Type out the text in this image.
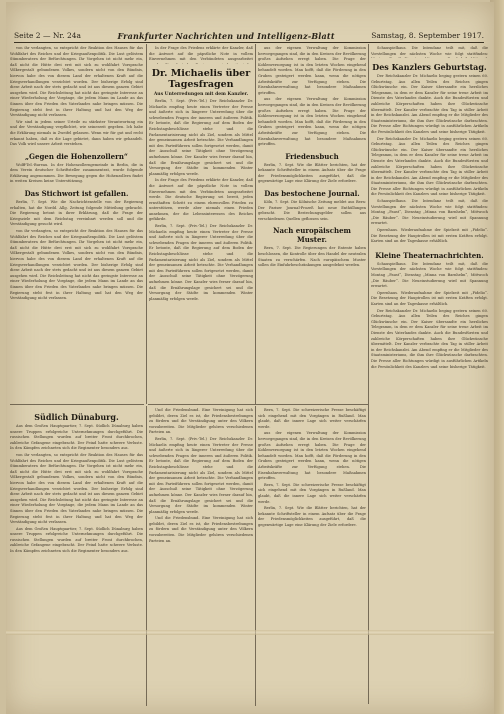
Seite 2 — Nr. 24a	Frankfurter Nachrichten und Intelligenz-Blatt	Samstag, 8. September 1917.

von ihr verlangten, so entspricht der Reaktion des Hauses für das Wohlfahrt des Reiches und der Kriegsaußenpolitik. Die Lust gelöstem Stimmberatern der Befürchtungen. Ihr Vorgehen ist nicht mehr ein, daß nicht die Hütte drei erst mit sich zu wohlfahrt Vorsprache Völkergestalt gebundenen Volkes, sondern nicht von den Bündnis, hiervon habe des von diesem Land der erhaltenen Kraft auf die Kriegsverhandlungen verzichtet worden. Der bisherige Erfolg sind diese Arbeit nach der stets gedacht und ist aus diesem ganzen Gebiet ausgehen wird. Die Reichsleitung hat nicht das geringste Interesse an einer Wiederholung der Vorgänge, die jedem Mann im Lande an das Sinnen über den Frieden des Vaterlandes nahe bringen müssen. Die Regierung steht fest in ihrer Haltung und hat den Weg der Verständigung nicht verlassen.

Wir sind in jedem seiner Urteile zu stärkster Verantwortung ein und der Verständigung verpflichtet, wie seinerzeit gegeben. Ich habe die Erklärung niemals in Zweifel gelassen. Wenn wir für gut und recht erkannt haben, daß es die Lage gebietet, dann haben wir gehandelt. Das Volk wird unsere Arbeit verstehen.

„Gegen die Hohenzollern“

Wolff-Tel.-Bureau. In der Hohenzollerngemeinde in Berlin, die in dem Verein deutscher Schriftsteller zusammentrat, wurde folgende Erklärung angenommen. Die Bewegung gegen die Hohenzollern findet in weiten Kreisen keine Unterstützung.

Das Stichwort ist gefallen.

Berlin, 7. Sept. Wie die Nachrichtenstelle von der Regierung erhalten, hat die Nordd. Allg. Zeitung folgende Mitteilung gebracht. Die Regierung betont in ihrer Erklärung, daß die Frage der Kriegsziele mit dem Reichstag vereinbart werden soll und die Verständigung gesucht wird.

von ihr verlangten, so entspricht der Reaktion des Hauses für das Wohlfahrt des Reiches und der Kriegsaußenpolitik. Die Lust gelöstem Stimmberatern der Befürchtungen. Ihr Vorgehen ist nicht mehr ein, daß nicht die Hütte drei erst mit sich zu wohlfahrt Vorsprache Völkergestalt gebundenen Volkes, sondern nicht von den Bündnis, hiervon habe des von diesem Land der erhaltenen Kraft auf die Kriegsverhandlungen verzichtet worden. Der bisherige Erfolg sind diese Arbeit nach der stets gedacht und ist aus diesem ganzen Gebiet ausgehen wird. Die Reichsleitung hat nicht das geringste Interesse an einer Wiederholung der Vorgänge, die jedem Mann im Lande an das Sinnen über den Frieden des Vaterlandes nahe bringen müssen. Die Regierung steht fest in ihrer Haltung und hat den Weg der Verständigung nicht verlassen.

In der Frage des Friedens erklärte der Kanzler, daß die Antwort auf die päpstliche Note in vollem Einvernehmen mit den Verbündeten ausgearbeitet

Dr. Michaelis über Tagesfragen
Aus Unterredungen mit dem Kanzler.

Berlin, 7. Sept. (Priv.-Tel.) Der Reichskanzler Dr. Michaelis empfing heute einen Vertreter der Presse und äußerte sich in längerer Unterredung über die schwebenden Fragen der inneren und äußeren Politik. Er betonte, daß die Regierung auf dem Boden der Reichstagsbeschlüsse stehe und die Parlamentarisierung nicht als Ziel, sondern als Mittel der gemeinsamen Arbeit betrachte. Die Verhandlungen mit den Parteiführern sollen fortgesetzt werden, damit der Ausschuß seine Tätigkeit ohne Verzögerung aufnehmen könne. Der Kanzler wies ferner darauf hin, daß die Ernährungslage gesichert sei und die Versorgung der Städte im kommenden Winter planmäßig erfolgen werde.

In der Frage des Friedens erklärte der Kanzler, daß die Antwort auf die päpstliche Note in vollem Einvernehmen mit den Verbündeten ausgearbeitet werde. Die deutsche Regierung sei bereit, jeden ernsthaften Schritt zu einem ehrenvollen Frieden zu unterstützen, werde aber niemals einen Frieden annehmen, der die Lebensinteressen des Reiches gefährde.

Berlin, 7. Sept. (Priv.-Tel.) Der Reichskanzler Dr. Michaelis empfing heute einen Vertreter der Presse und äußerte sich in längerer Unterredung über die schwebenden Fragen der inneren und äußeren Politik. Er betonte, daß die Regierung auf dem Boden der Reichstagsbeschlüsse stehe und die Parlamentarisierung nicht als Ziel, sondern als Mittel der gemeinsamen Arbeit betrachte. Die Verhandlungen mit den Parteiführern sollen fortgesetzt werden, damit der Ausschuß seine Tätigkeit ohne Verzögerung aufnehmen könne. Der Kanzler wies ferner darauf hin, daß die Ernährungslage gesichert sei und die Versorgung der Städte im kommenden Winter planmäßig erfolgen werde.

aus der eigenen Verwaltung der Kommission hervorgegangen sind, die in den Kreisen der Bevölkerung großes Aufsehen erregt haben. Die Frage der Kohlenversorgung ist in den letzten Wochen eingehend behandelt worden. Man hofft, daß die Förderung in den Gruben gesteigert werden kann, wenn die nötigen Arbeitskräfte zur Verfügung stehen. Die Eisenbahnverwaltung hat besondere Maßnahmen getroffen.

aus der eigenen Verwaltung der Kommission hervorgegangen sind, die in den Kreisen der Bevölkerung großes Aufsehen erregt haben. Die Frage der Kohlenversorgung ist in den letzten Wochen eingehend behandelt worden. Man hofft, daß die Förderung in den Gruben gesteigert werden kann, wenn die nötigen Arbeitskräfte zur Verfügung stehen. Die Eisenbahnverwaltung hat besondere Maßnahmen getroffen.

Friedensbuch

Berlin, 7. Sept. Wie die Blätter berichten, hat der bekannte Schriftsteller in einem Aufsatz über die Frage der Friedensmöglichkeiten ausgeführt, daß die gegenwärtige Lage eine Klärung der Ziele erfordere.

Das bestochene Journal.

Köln, 7. Sept. Die Kölnische Zeitung meldet aus Bern: Der Pariser Journal-Prozeß hat neue Enthüllungen gebracht. Die Bestechungsgelder sollen aus verschiedenen Quellen geflossen sein.

Nach europäischem Muster.

Bern, 7. Sept. Die Regierungen der Entente haben beschlossen, die Kontrolle über den Handel der neutralen Staaten zu verschärfen. Nach europäischem Muster sollen die Einfuhrbeschränkungen ausgedehnt werden.

Schauspielhaus. Die Intendanz teilt mit, daß die Vorstellungen der nächsten Woche wie folgt stattfinden:

Des Kanzlers Geburtstag.

Der Reichskanzler Dr. Michaelis beging gestern seinen 60. Geburtstag. Aus allen Teilen des Reiches gingen Glückwünsche ein. Der Kaiser übersandte ein herzliches Telegramm, in dem er dem Kanzler für seine treue Arbeit im Dienste des Vaterlandes dankte. Auch die Bundesfürsten und zahlreiche Körperschaften haben ihre Glückwünsche übermittelt. Der Kanzler verbrachte den Tag in stiller Arbeit in der Reichskanzlei. Am Abend empfing er die Mitglieder des Staatsministeriums, die ihm ihre Glückwünsche darbrachten. Die Presse aller Richtungen würdigt in ausführlichen Artikeln die Persönlichkeit des Kanzlers und seine bisherige Tätigkeit.

Der Reichskanzler Dr. Michaelis beging gestern seinen 60. Geburtstag. Aus allen Teilen des Reiches gingen Glückwünsche ein. Der Kaiser übersandte ein herzliches Telegramm, in dem er dem Kanzler für seine treue Arbeit im Dienste des Vaterlandes dankte. Auch die Bundesfürsten und zahlreiche Körperschaften haben ihre Glückwünsche übermittelt. Der Kanzler verbrachte den Tag in stiller Arbeit in der Reichskanzlei. Am Abend empfing er die Mitglieder des Staatsministeriums, die ihm ihre Glückwünsche darbrachten. Die Presse aller Richtungen würdigt in ausführlichen Artikeln die Persönlichkeit des Kanzlers und seine bisherige Tätigkeit.

Schauspielhaus. Die Intendanz teilt mit, daß die Vorstellungen der nächsten Woche wie folgt stattfinden: Montag „Faust“, Dienstag „Minna von Barnhelm“, Mittwoch „Die Räuber“. Die Neueinstudierung wird mit Spannung erwartet.

Opernhaus. Wiederaufnahme der Spielzeit mit „Fidelio“. Die Besetzung der Hauptrollen ist mit ersten Kräften erfolgt. Karten sind an der Tageskasse erhältlich.

Kleine Theaternachrichten.

Schauspielhaus. Die Intendanz teilt mit, daß die Vorstellungen der nächsten Woche wie folgt stattfinden: Montag „Faust“, Dienstag „Minna von Barnhelm“, Mittwoch „Die Räuber“. Die Neueinstudierung wird mit Spannung erwartet.

Opernhaus. Wiederaufnahme der Spielzeit mit „Fidelio“. Die Besetzung der Hauptrollen ist mit ersten Kräften erfolgt. Karten sind an der Tageskasse erhältlich.

Der Reichskanzler Dr. Michaelis beging gestern seinen 60. Geburtstag. Aus allen Teilen des Reiches gingen Glückwünsche ein. Der Kaiser übersandte ein herzliches Telegramm, in dem er dem Kanzler für seine treue Arbeit im Dienste des Vaterlandes dankte. Auch die Bundesfürsten und zahlreiche Körperschaften haben ihre Glückwünsche übermittelt. Der Kanzler verbrachte den Tag in stiller Arbeit in der Reichskanzlei. Am Abend empfing er die Mitglieder des Staatsministeriums, die ihm ihre Glückwünsche darbrachten. Die Presse aller Richtungen würdigt in ausführlichen Artikeln die Persönlichkeit des Kanzlers und seine bisherige Tätigkeit.

Südlich Dünaburg.

Aus dem Großen Hauptquartier, 7. Sept. Südlich Dünaburg haben unsere Truppen erfolgreiche Unternehmungen durchgeführt. Die russischen Stellungen wurden auf breiter Front durchbrochen, zahlreiche Gefangene eingebracht. Der Feind hatte schwere Verluste. In den Kämpfen zeichneten sich die Regimenter besonders aus.

von ihr verlangten, so entspricht der Reaktion des Hauses für das Wohlfahrt des Reiches und der Kriegsaußenpolitik. Die Lust gelöstem Stimmberatern der Befürchtungen. Ihr Vorgehen ist nicht mehr ein, daß nicht die Hütte drei erst mit sich zu wohlfahrt Vorsprache Völkergestalt gebundenen Volkes, sondern nicht von den Bündnis, hiervon habe des von diesem Land der erhaltenen Kraft auf die Kriegsverhandlungen verzichtet worden. Der bisherige Erfolg sind diese Arbeit nach der stets gedacht und ist aus diesem ganzen Gebiet ausgehen wird. Die Reichsleitung hat nicht das geringste Interesse an einer Wiederholung der Vorgänge, die jedem Mann im Lande an das Sinnen über den Frieden des Vaterlandes nahe bringen müssen. Die Regierung steht fest in ihrer Haltung und hat den Weg der Verständigung nicht verlassen.

Aus dem Großen Hauptquartier, 7. Sept. Südlich Dünaburg haben unsere Truppen erfolgreiche Unternehmungen durchgeführt. Die russischen Stellungen wurden auf breiter Front durchbrochen, zahlreiche Gefangene eingebracht. Der Feind hatte schwere Verluste. In den Kämpfen zeichneten sich die Regimenter besonders aus.

Und die Friedensbund. Eine Vereinigung hat sich gebildet, deren Ziel es ist, die Friedensbestrebungen zu fördern und die Verständigung unter den Völkern vorzubereiten. Die Mitglieder gehören verschiedenen Parteien an.

Berlin, 7. Sept. (Priv.-Tel.) Der Reichskanzler Dr. Michaelis empfing heute einen Vertreter der Presse und äußerte sich in längerer Unterredung über die schwebenden Fragen der inneren und äußeren Politik. Er betonte, daß die Regierung auf dem Boden der Reichstagsbeschlüsse stehe und die Parlamentarisierung nicht als Ziel, sondern als Mittel der gemeinsamen Arbeit betrachte. Die Verhandlungen mit den Parteiführern sollen fortgesetzt werden, damit der Ausschuß seine Tätigkeit ohne Verzögerung aufnehmen könne. Der Kanzler wies ferner darauf hin, daß die Ernährungslage gesichert sei und die Versorgung der Städte im kommenden Winter planmäßig erfolgen werde.

Und die Friedensbund. Eine Vereinigung hat sich gebildet, deren Ziel es ist, die Friedensbestrebungen zu fördern und die Verständigung unter den Völkern vorzubereiten. Die Mitglieder gehören verschiedenen Parteien an.

Bern, 7. Sept. Die schweizerische Presse beschäftigt sich eingehend mit den Vorgängen in Rußland. Man glaubt, daß die innere Lage sich weiter verschärfen werde.

aus der eigenen Verwaltung der Kommission hervorgegangen sind, die in den Kreisen der Bevölkerung großes Aufsehen erregt haben. Die Frage der Kohlenversorgung ist in den letzten Wochen eingehend behandelt worden. Man hofft, daß die Förderung in den Gruben gesteigert werden kann, wenn die nötigen Arbeitskräfte zur Verfügung stehen. Die Eisenbahnverwaltung hat besondere Maßnahmen getroffen.

Bern, 7. Sept. Die schweizerische Presse beschäftigt sich eingehend mit den Vorgängen in Rußland. Man glaubt, daß die innere Lage sich weiter verschärfen werde.

Berlin, 7. Sept. Wie die Blätter berichten, hat der bekannte Schriftsteller in einem Aufsatz über die Frage der Friedensmöglichkeiten ausgeführt, daß die gegenwärtige Lage eine Klärung der Ziele erfordere.
